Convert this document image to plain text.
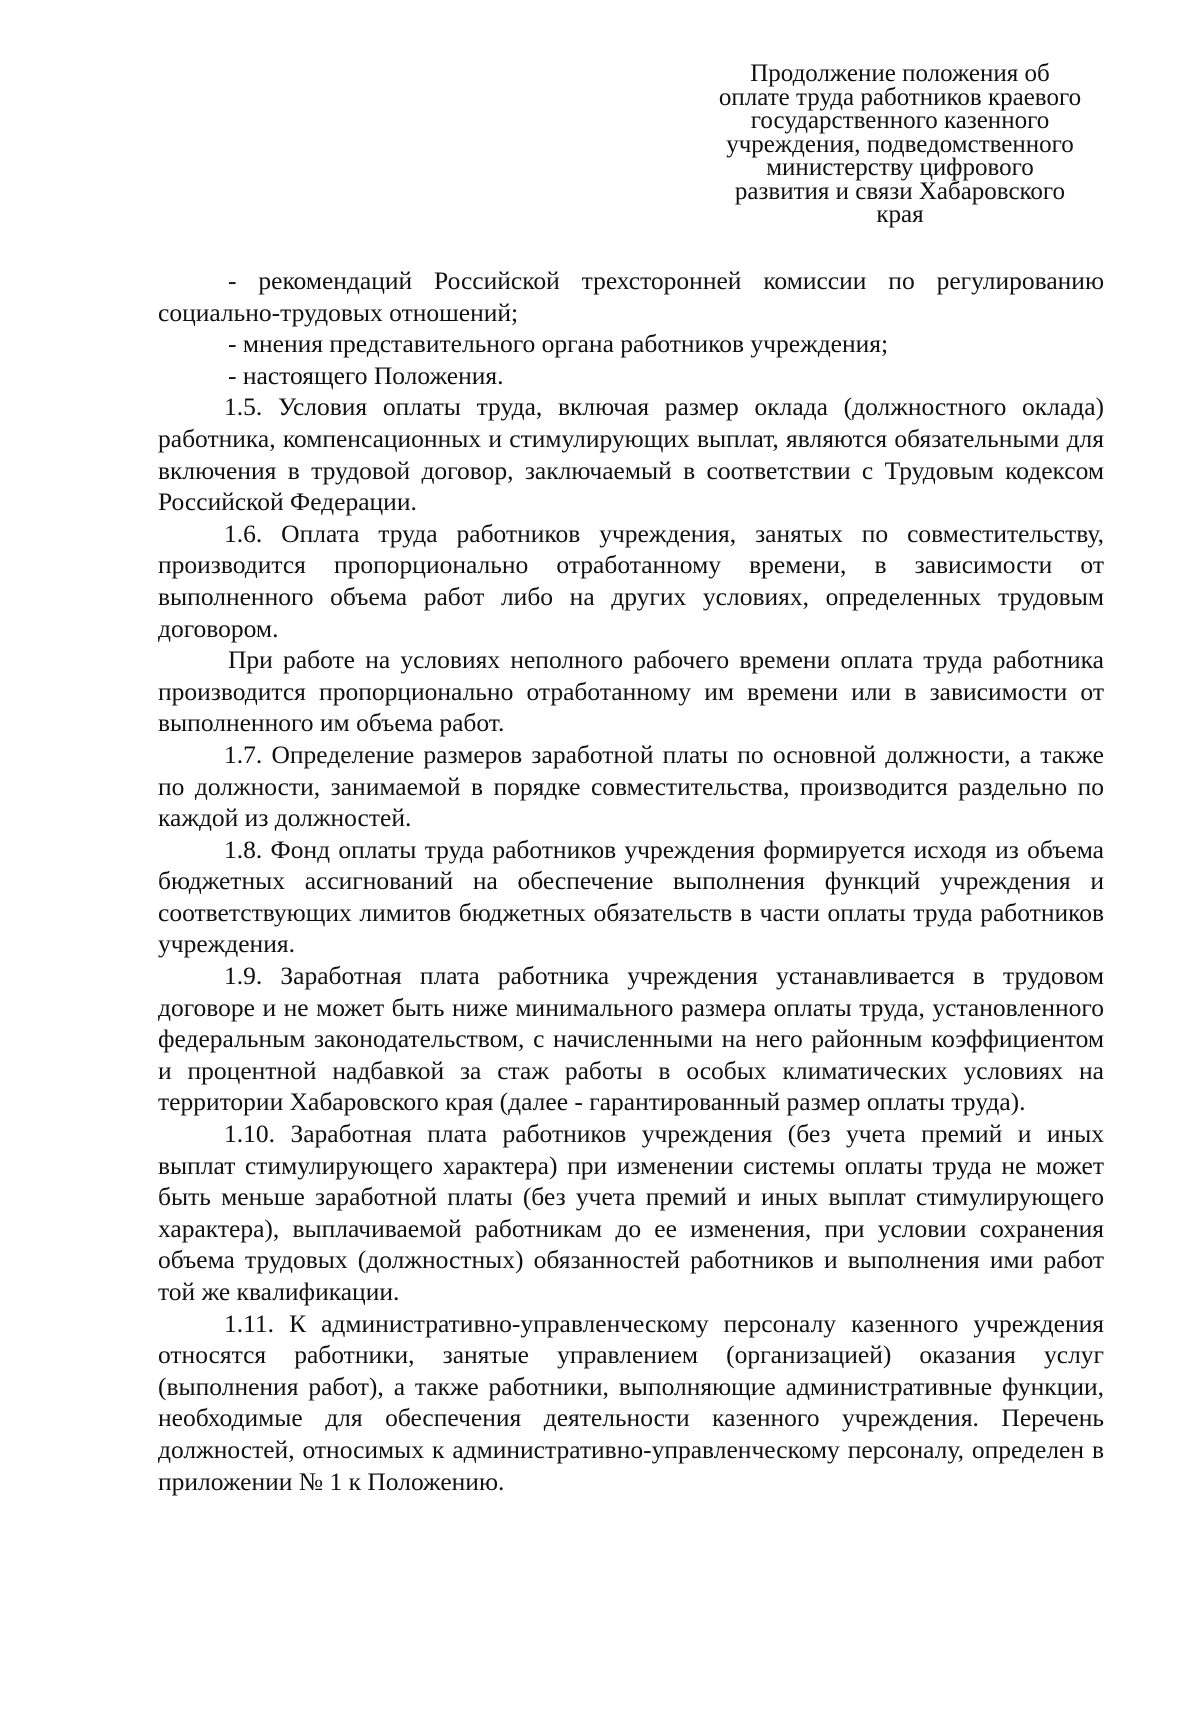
Продолжение положения об
оплате труда работников краевого
государственного казенного
учреждения, подведомственного
министерству цифрового
развития и связи Хабаровского
края

- рекомендаций Российской трехсторонней комиссии по регулированию социально-трудовых отношений;

- мнения представительного органа работников учреждения;

- настоящего Положения.

1.5. Условия оплаты труда, включая размер оклада (должностного оклада) работника, компенсационных и стимулирующих выплат, являются обязательными для включения в трудовой договор, заключаемый в соответствии с Трудовым кодексом Российской Федерации.

1.6. Оплата труда работников учреждения, занятых по совместительству, производится пропорционально отработанному времени, в зависимости от выполненного объема работ либо на других условиях, определенных трудовым договором.

При работе на условиях неполного рабочего времени оплата труда работника производится пропорционально отработанному им времени или в зависимости от выполненного им объема работ.

1.7. Определение размеров заработной платы по основной должности, а также по должности, занимаемой в порядке совместительства, производится раздельно по каждой из должностей.

1.8. Фонд оплаты труда работников учреждения формируется исходя из объема бюджетных ассигнований на обеспечение выполнения функций учреждения и соответствующих лимитов бюджетных обязательств в части оплаты труда работников учреждения.

1.9. Заработная плата работника учреждения устанавливается в трудовом договоре и не может быть ниже минимального размера оплаты труда, установленного федеральным законодательством, с начисленными на него районным коэффициентом и процентной надбавкой за стаж работы в особых климатических условиях на территории Хабаровского края (далее - гарантированный размер оплаты труда).

1.10. Заработная плата работников учреждения (без учета премий и иных выплат стимулирующего характера) при изменении системы оплаты труда не может быть меньше заработной платы (без учета премий и иных выплат стимулирующего характера), выплачиваемой работникам до ее изменения, при условии сохранения объема трудовых (должностных) обязанностей работников и выполнения ими работ той же квалификации.

1.11. К административно-управленческому персоналу казенного учреждения относятся работники, занятые управлением (организацией) оказания услуг (выполнения работ), а также работники, выполняющие административные функции, необходимые для обеспечения деятельности казенного учреждения. Перечень должностей, относимых к административно-управленческому персоналу, определен в приложении № 1 к Положению.
